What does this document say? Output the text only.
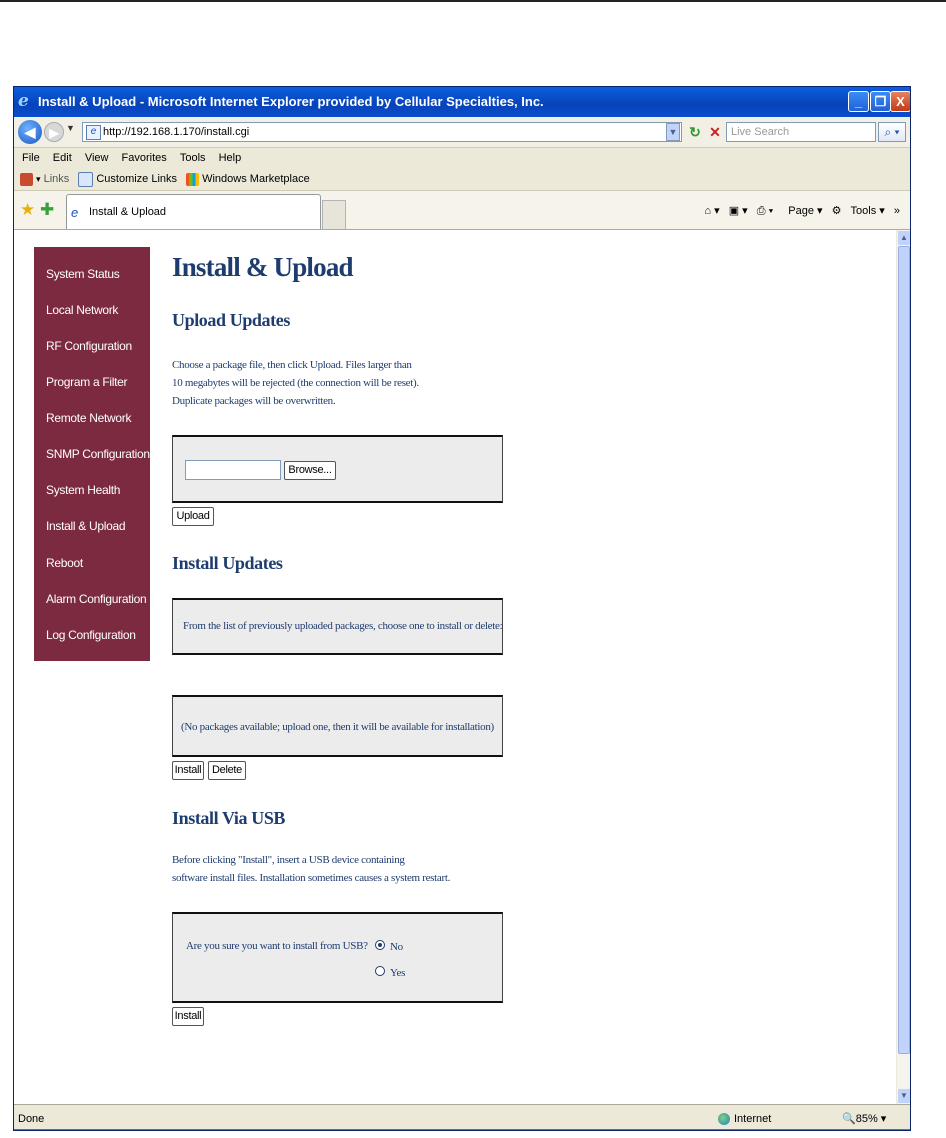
e Install & Upload - Microsoft Internet Explorer provided by Cellular Specialties, Inc.	_ ❐ X
◀	▶ ▼	e http://192.168.1.170/install.cgi	▼ ↻ ✕ Live Search	⌕ ▾
File Edit View Favorites Tools Help
▾ Links Customize Links Windows Marketplace
★ ✚ e Install & Upload	⌂ ▾ ▣ ▾ ⎙ ▾ Page ▾ ⚙ Tools ▾ »
System Status
Local Network
RF Configuration
Program a Filter
Remote Network
SNMP Configuration
System Health
Install & Upload
Reboot
Alarm Configuration
Log Configuration
Install & Upload
Upload Updates
Choose a package file, then click Upload. Files larger than
10 megabytes will be rejected (the connection will be reset).
Duplicate packages will be overwritten.
Browse...
Upload
Install Updates
From the list of previously uploaded packages, choose one to install or delete:
(No packages available; upload one, then it will be available for installation)
Install Delete
Install Via USB
Before clicking "Install", insert a USB device containing
software install files. Installation sometimes causes a system restart.
Are you sure you want to install from USB? No
Yes
Install
▲
▼
Done	Internet	🔍85% ▾
